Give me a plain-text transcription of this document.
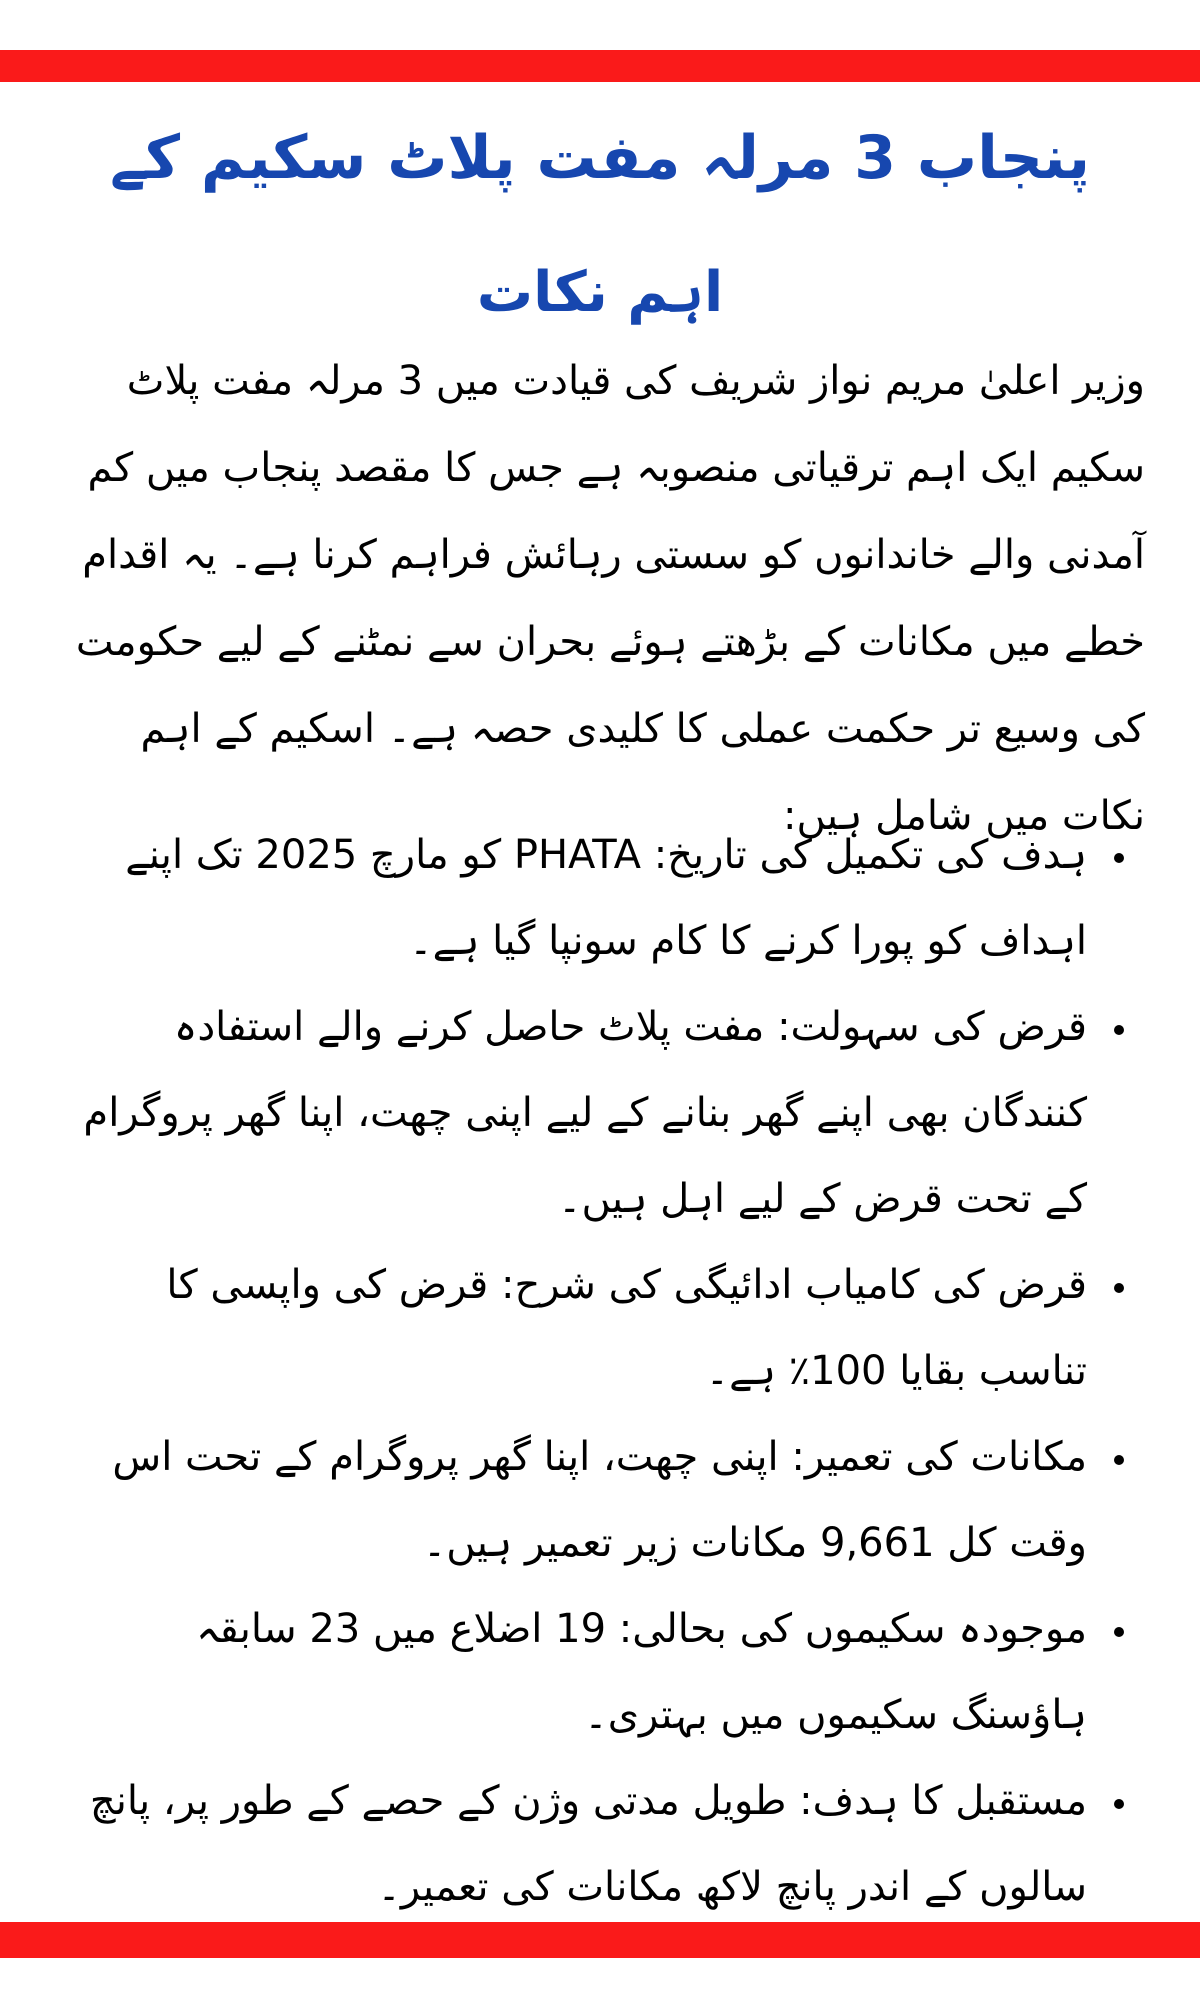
پنجاب 3 مرلہ مفت پلاٹ سکیم کے
اہم نکات
وزیر اعلیٰ مریم نواز شریف کی قیادت میں 3 مرلہ مفت پلاٹ سکیم ایک اہم ترقیاتی منصوبہ ہے جس کا مقصد پنجاب میں کم آمدنی والے خاندانوں کو سستی رہائش فراہم کرنا ہے۔ یہ اقدام خطے میں مکانات کے بڑھتے ہوئے بحران سے نمٹنے کے لیے حکومت کی وسیع تر حکمت عملی کا کلیدی حصہ ہے۔ اسکیم کے اہم نکات میں شامل ہیں:
• ہدف کی تکمیل کی تاریخ: PHATA کو مارچ 2025 تک اپنے اہداف کو پورا کرنے کا کام سونپا گیا ہے۔
• قرض کی سہولت: مفت پلاٹ حاصل کرنے والے استفادہ کنندگان بھی اپنے گھر بنانے کے لیے اپنی چھت، اپنا گھر پروگرام کے تحت قرض کے لیے اہل ہیں۔
• قرض کی کامیاب ادائیگی کی شرح: قرض کی واپسی کا تناسب بقایا 100٪ ہے۔
• مکانات کی تعمیر: اپنی چھت، اپنا گھر پروگرام کے تحت اس وقت کل 9,661 مکانات زیر تعمیر ہیں۔
• موجودہ سکیموں کی بحالی: 19 اضلاع میں 23 سابقہ ہاؤسنگ سکیموں میں بہتری۔
• مستقبل کا ہدف: طویل مدتی وژن کے حصے کے طور پر، پانچ سالوں کے اندر پانچ لاکھ مکانات کی تعمیر۔
